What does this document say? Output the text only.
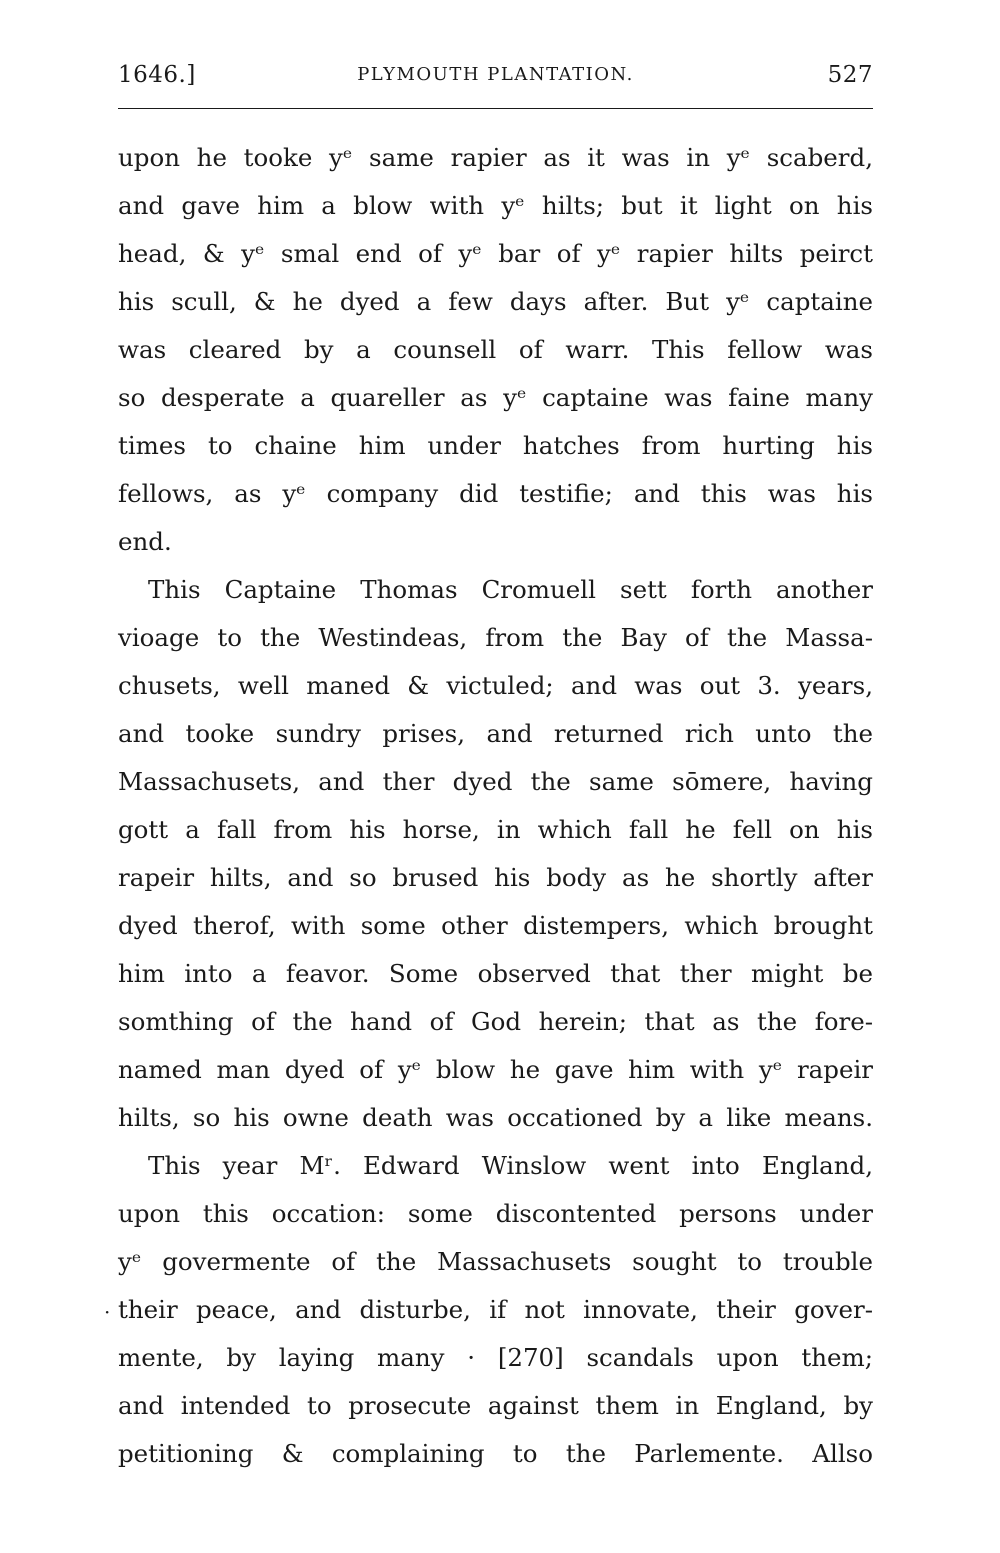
1646.]	PLYMOUTH PLANTATION.	527
·
upon he tooke yᵉ same rapier as it was in yᵉ scaberd,
and gave him a blow with yᵉ hilts; but it light on his
head, & yᵉ smal end of yᵉ bar of yᵉ rapier hilts peirct
his scull, & he dyed a few days after. But yᵉ captaine
was cleared by a counsell of warr. This fellow was
so desperate a quareller as yᵉ captaine was faine many
times to chaine him under hatches from hurting his
fellows, as yᵉ company did testifie; and this was his
end.
This Captaine Thomas Cromuell sett forth another
vioage to the Westindeas, from the Bay of the Massa-
chusets, well maned & victuled; and was out 3. years,
and tooke sundry prises, and returned rich unto the
Massachusets, and ther dyed the same sōmere, having
gott a fall from his horse, in which fall he fell on his
rapeir hilts, and so brused his body as he shortly after
dyed therof, with some other distempers, which brought
him into a feavor. Some observed that ther might be
somthing of the hand of God herein; that as the fore-
named man dyed of yᵉ blow he gave him with yᵉ rapeir
hilts, so his owne death was occationed by a like means.
This year Mʳ. Edward Winslow went into England,
upon this occation: some discontented persons under
yᵉ govermente of the Massachusets sought to trouble
their peace, and disturbe, if not innovate, their gover-
mente, by laying many · [270] scandals upon them;
and intended to prosecute against them in England, by
petitioning & complaining to the Parlemente. Allso
